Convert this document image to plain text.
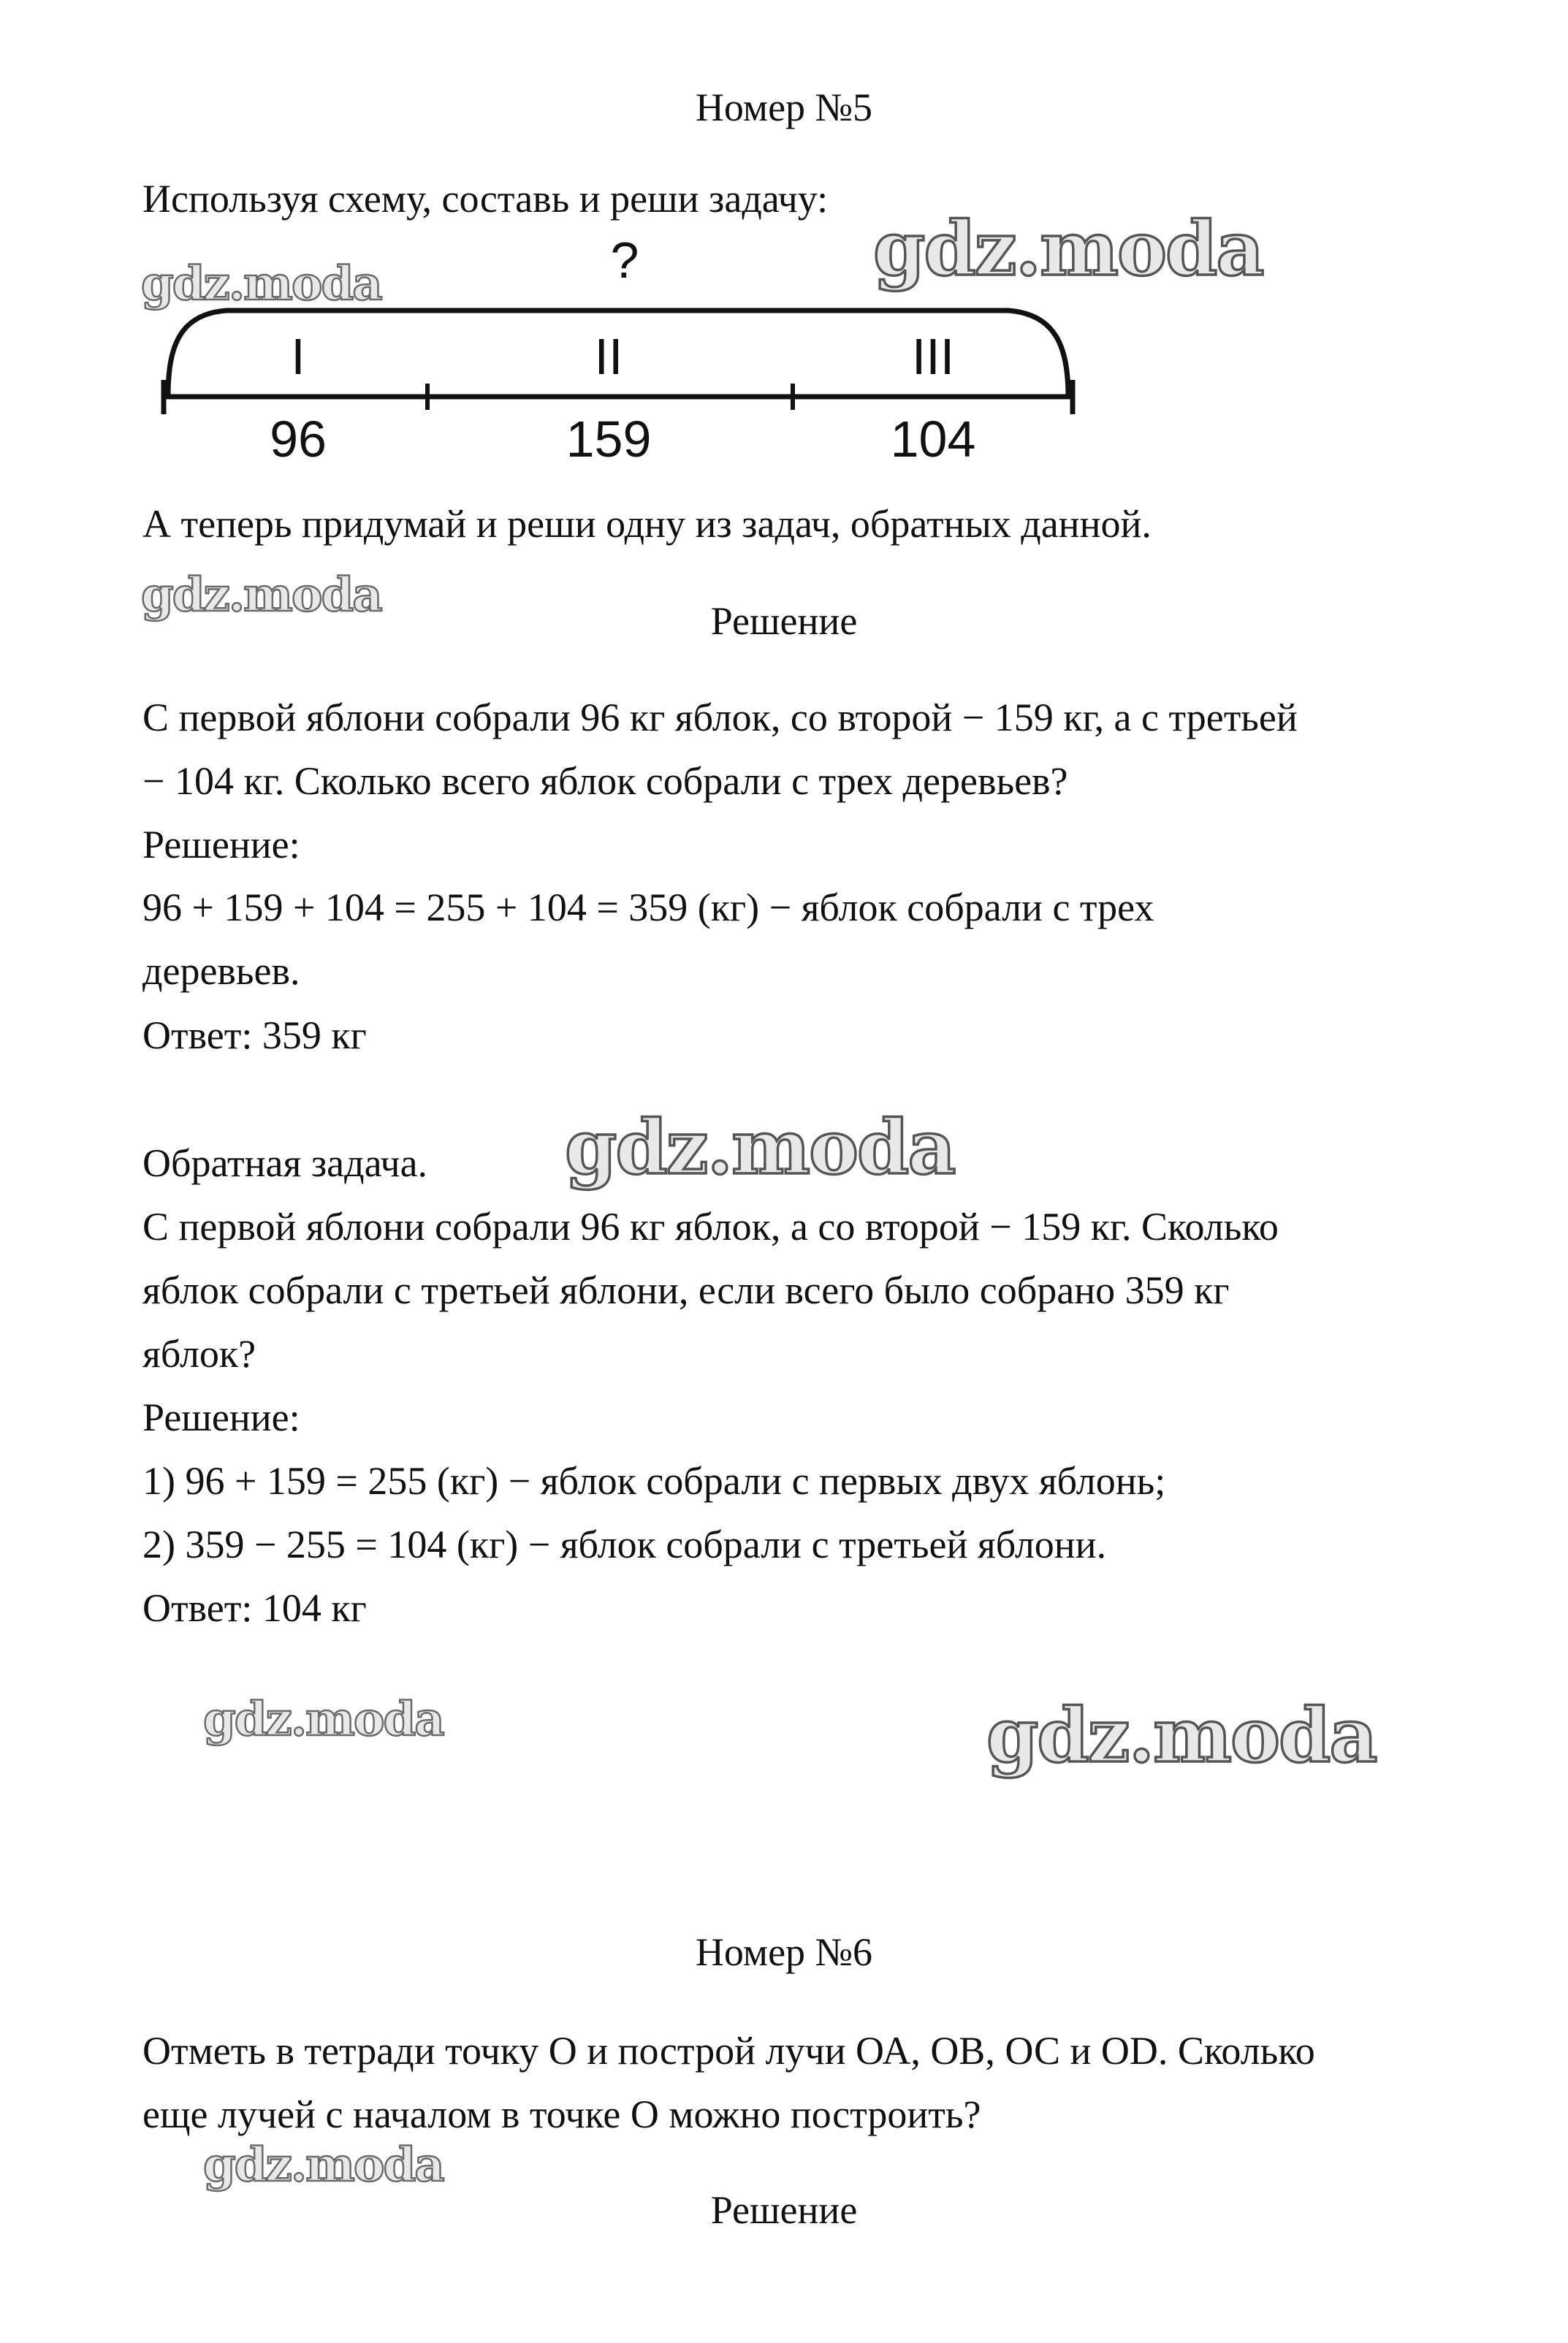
Номер №5
Используя схему, составь и реши задачу:
gdz.moda	gdz.moda
?
I	II	III
96	159	104
А теперь придумай и реши одну из задач, обратных данной.
gdz.moda	Решение
С первой яблони собрали 96 кг яблок, со второй − 159 кг, а с третьей
− 104 кг. Сколько всего яблок собрали с трех деревьев?
Решение:
96 + 159 + 104 = 255 + 104 = 359 (кг) − яблок собрали с трех
деревьев.
Ответ: 359 кг
Обратная задача. gdz.moda
С первой яблони собрали 96 кг яблок, а со второй − 159 кг. Сколько
яблок собрали с третьей яблони, если всего было собрано 359 кг
яблок?
Решение:
1) 96 + 159 = 255 (кг) − яблок собрали с первых двух яблонь;
2) 359 − 255 = 104 (кг) − яблок собрали с третьей яблони.
Ответ: 104 кг
gdz.moda	gdz.moda
Номер №6
Отметь в тетради точку О и построй лучи ОА, ОВ, ОС и OD. Сколько
еще лучей с началом в точке О можно построить?
gdz.moda
Решение
